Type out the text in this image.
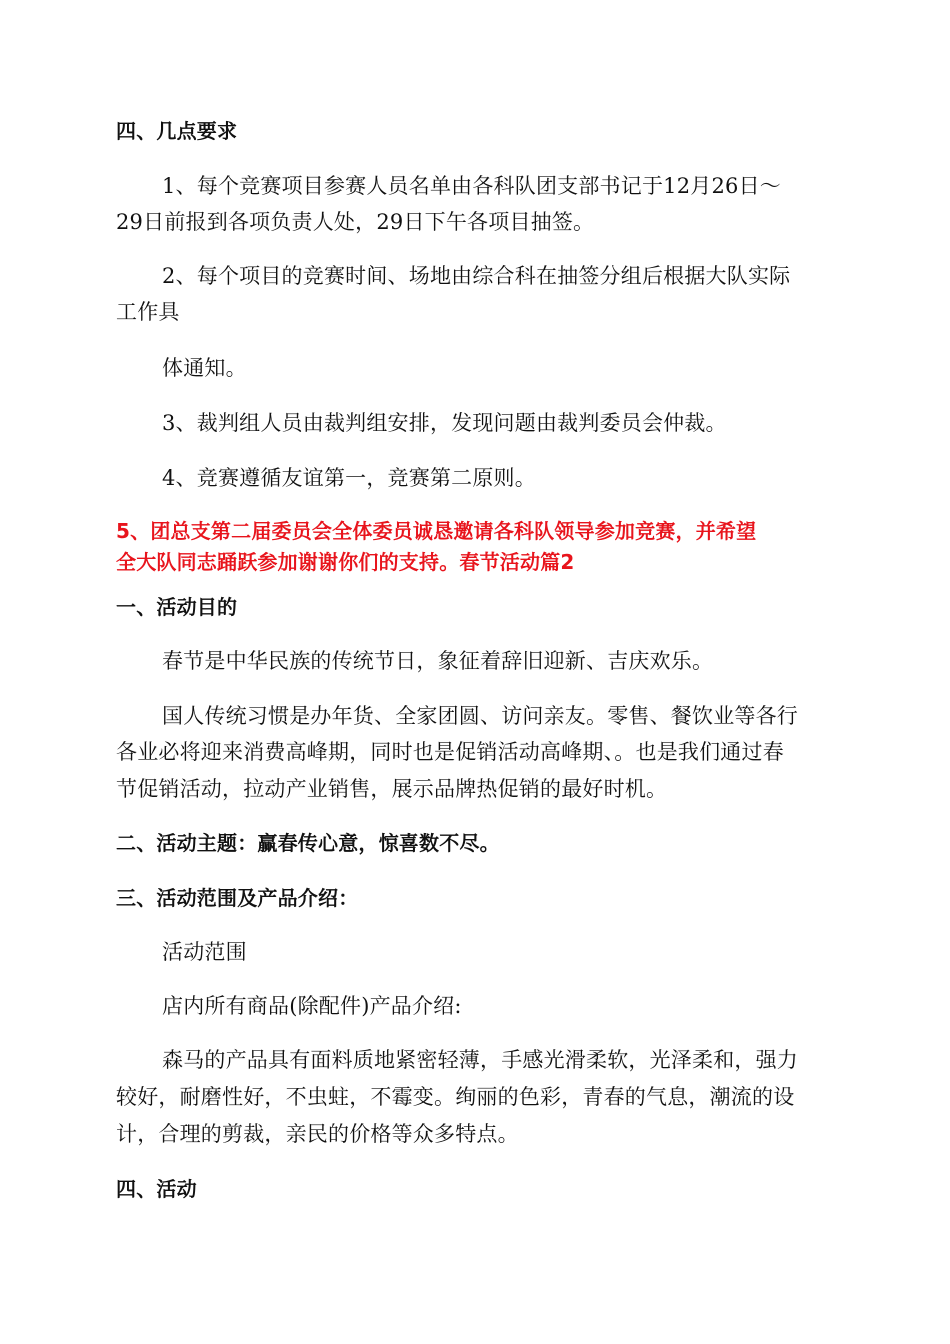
四、几点要求
1、每个竞赛项目参赛人员名单由各科队团支部书记于12月26日～
29日前报到各项负责人处，29日下午各项目抽签。
2、每个项目的竞赛时间、场地由综合科在抽签分组后根据大队实际
工作具
体通知。
3、裁判组人员由裁判组安排，发现问题由裁判委员会仲裁。
4、竞赛遵循友谊第一，竞赛第二原则。
5、团总支第二届委员会全体委员诚恳邀请各科队领导参加竞赛，并希望
全大队同志踊跃参加谢谢你们的支持。春节活动篇2
一、活动目的
春节是中华民族的传统节日，象征着辞旧迎新、吉庆欢乐。
国人传统习惯是办年货、全家团圆、访问亲友。零售、餐饮业等各行
各业必将迎来消费高峰期，同时也是促销活动高峰期、。也是我们通过春
节促销活动，拉动产业销售，展示品牌热促销的最好时机。
二、活动主题：赢春传心意，惊喜数不尽。
三、活动范围及产品介绍：
活动范围
店内所有商品(除配件)产品介绍:
森马的产品具有面料质地紧密轻薄，手感光滑柔软，光泽柔和，强力
较好，耐磨性好，不虫蛀，不霉变。绚丽的色彩，青春的气息，潮流的设
计，合理的剪裁，亲民的价格等众多特点。
四、活动
